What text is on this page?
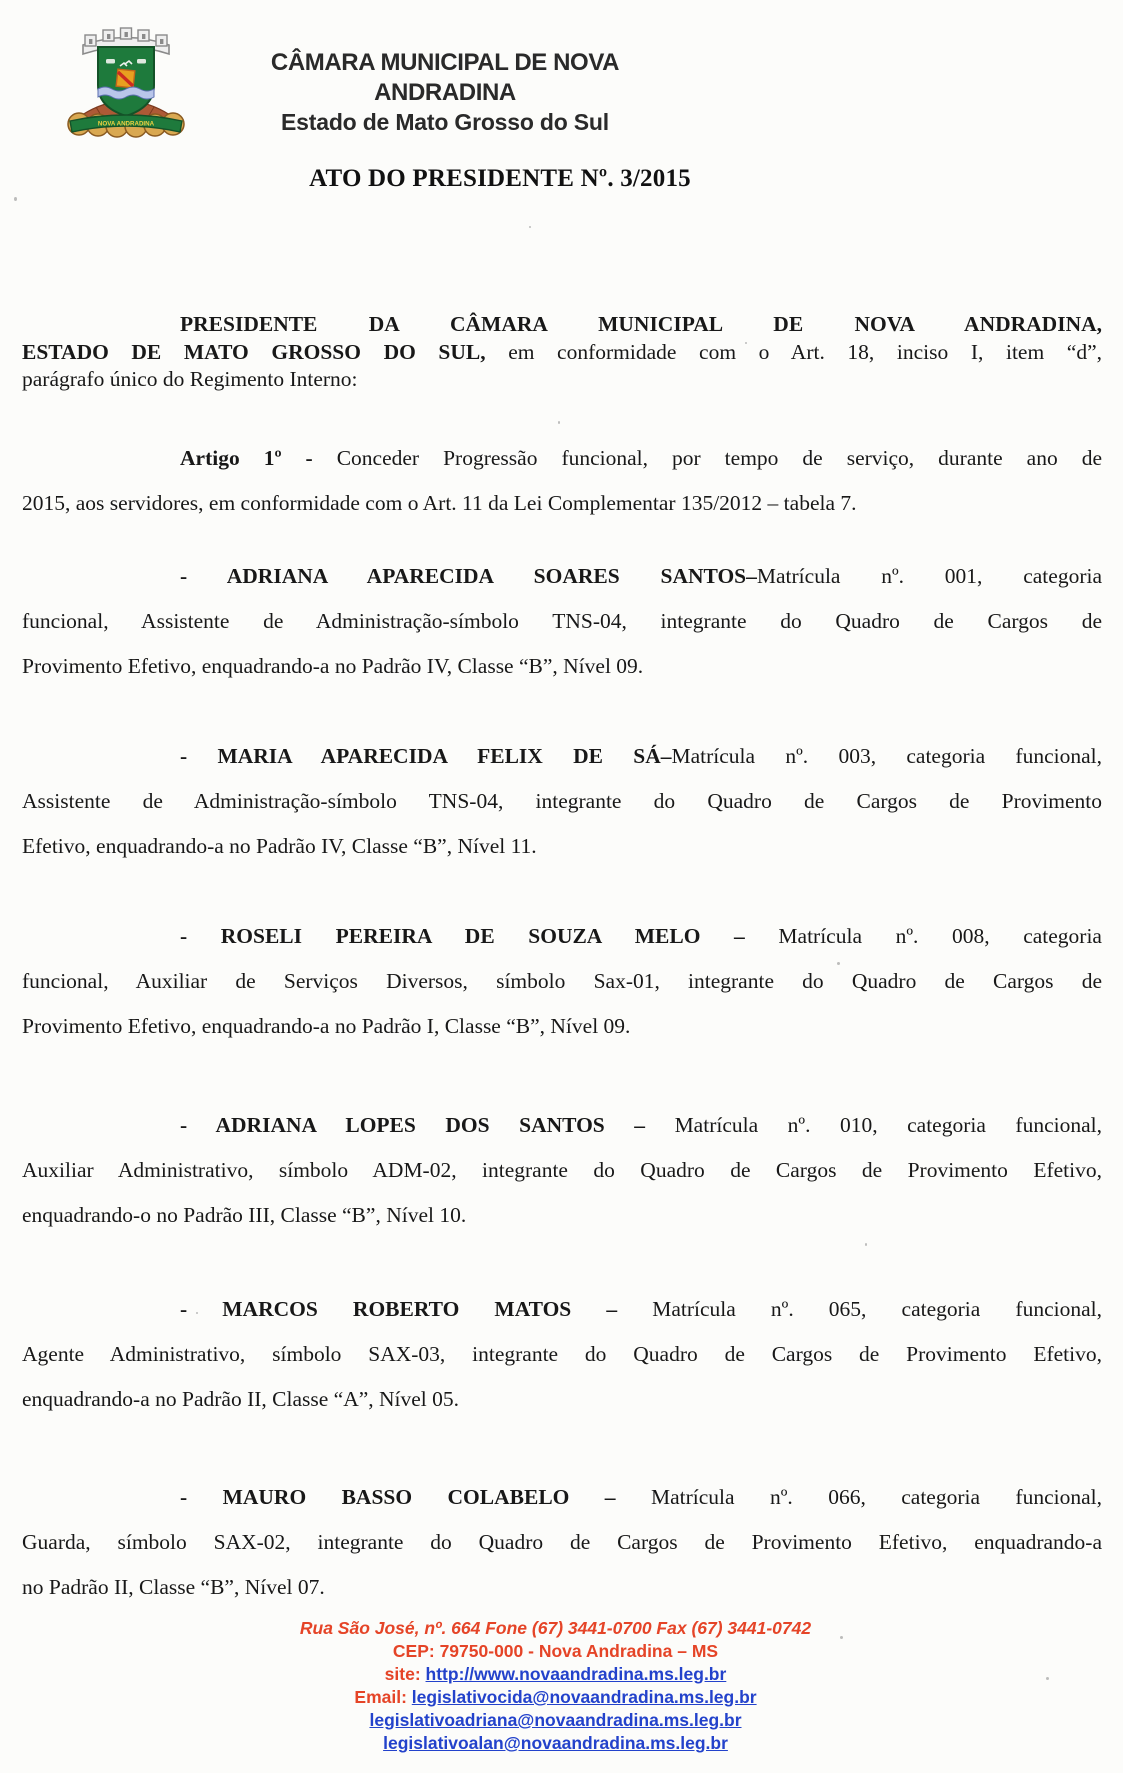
NOVA ANDRADINA
CÂMARA MUNICIPAL DE NOVA ANDRADINA
Estado de Mato Grosso do Sul
ATO DO PRESIDENTE Nº. 3/2015
PRESIDENTE DA CÂMARA MUNICIPAL DE NOVA ANDRADINA,
ESTADO DE MATO GROSSO DO SUL, em conformidade com o Art. 18, inciso I, item “d”,
parágrafo único do Regimento Interno:
Artigo 1º - Conceder Progressão funcional, por tempo de serviço, durante ano de
2015, aos servidores, em conformidade com o Art. 11 da Lei Complementar 135/2012 – tabela 7.
- ADRIANA APARECIDA SOARES SANTOS–Matrícula nº. 001, categoria
funcional, Assistente de Administração-símbolo TNS-04, integrante do Quadro de Cargos de
Provimento Efetivo, enquadrando-a no Padrão IV, Classe “B”, Nível 09.
- MARIA APARECIDA FELIX DE SÁ–Matrícula nº. 003, categoria funcional,
Assistente de Administração-símbolo TNS-04, integrante do Quadro de Cargos de Provimento
Efetivo, enquadrando-a no Padrão IV, Classe “B”, Nível 11.
- ROSELI PEREIRA DE SOUZA MELO – Matrícula nº. 008, categoria
funcional, Auxiliar de Serviços Diversos, símbolo Sax-01, integrante do Quadro de Cargos de
Provimento Efetivo, enquadrando-a no Padrão I, Classe “B”, Nível 09.
- ADRIANA LOPES DOS SANTOS – Matrícula nº. 010, categoria funcional,
Auxiliar Administrativo, símbolo ADM-02, integrante do Quadro de Cargos de Provimento Efetivo,
enquadrando-o no Padrão III, Classe “B”, Nível 10.
- MARCOS ROBERTO MATOS – Matrícula nº. 065, categoria funcional,
Agente Administrativo, símbolo SAX-03, integrante do Quadro de Cargos de Provimento Efetivo,
enquadrando-a no Padrão II, Classe “A”, Nível 05.
- MAURO BASSO COLABELO – Matrícula nº. 066, categoria funcional,
Guarda, símbolo SAX-02, integrante do Quadro de Cargos de Provimento Efetivo, enquadrando-a
no Padrão II, Classe “B”, Nível 07.
Rua São José, nº. 664 Fone (67) 3441-0700 Fax (67) 3441-0742
CEP: 79750-000 - Nova Andradina – MS
site: http://www.novaandradina.ms.leg.br
Email: legislativocida@novaandradina.ms.leg.br
legislativoadriana@novaandradina.ms.leg.br
legislativoalan@novaandradina.ms.leg.br
